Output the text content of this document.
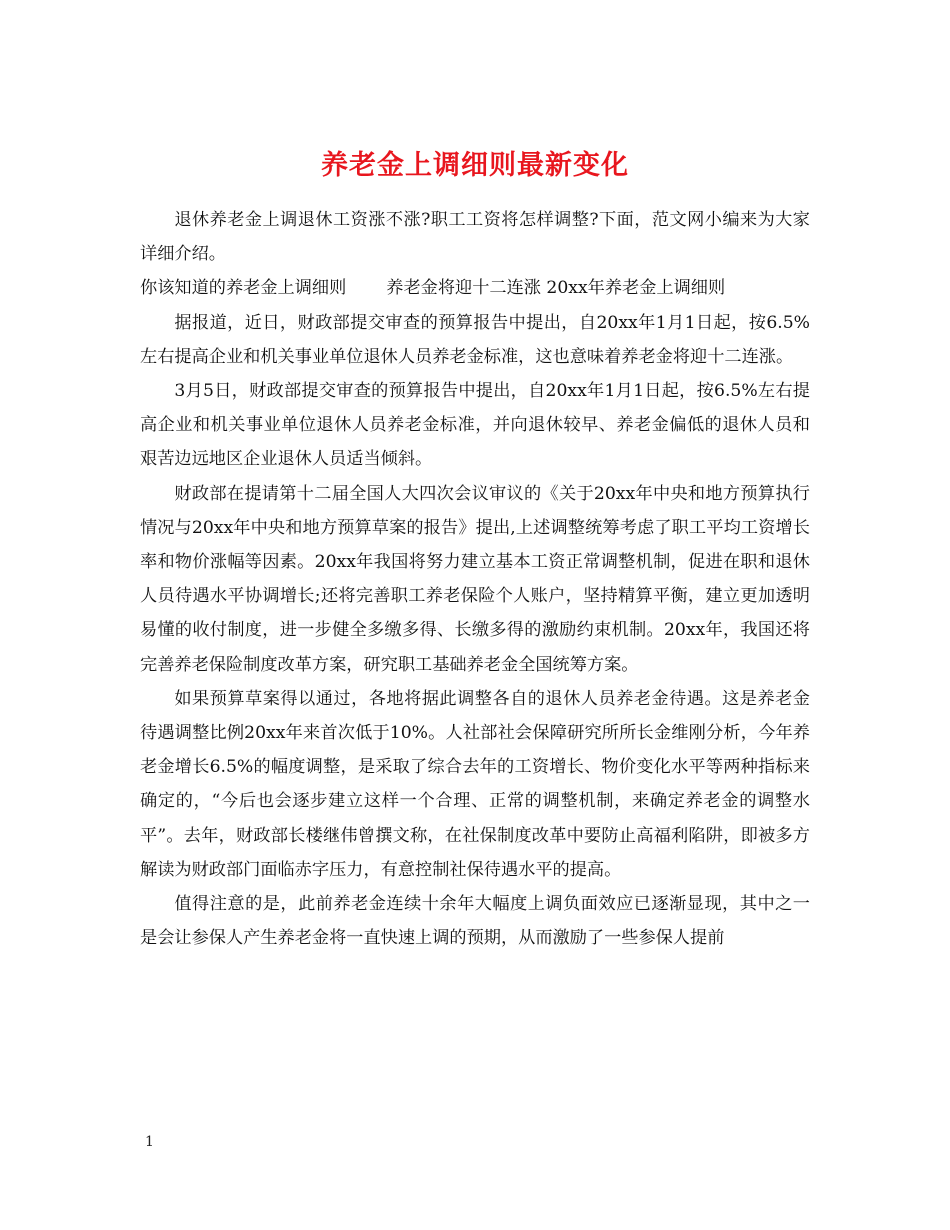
养老金上调细则最新变化

退休养老金上调退休工资涨不涨?职工工资将怎样调整?下面，范文网小编来为大家详细介绍。

你该知道的养老金上调细则 养老金将迎十二连涨 20xx年养老金上调细则

据报道，近日，财政部提交审查的预算报告中提出，自20xx年1月1日起，按6.5%左右提高企业和机关事业单位退休人员养老金标准，这也意味着养老金将迎十二连涨。

3月5日，财政部提交审查的预算报告中提出，自20xx年1月1日起，按6.5%左右提高企业和机关事业单位退休人员养老金标准，并向退休较早、养老金偏低的退休人员和艰苦边远地区企业退休人员适当倾斜。

财政部在提请第十二届全国人大四次会议审议的《关于20xx年中央和地方预算执行情况与20xx年中央和地方预算草案的报告》提出,上述调整统筹考虑了职工平均工资增长率和物价涨幅等因素。20xx年我国将努力建立基本工资正常调整机制，促进在职和退休人员待遇水平协调增长;还将完善职工养老保险个人账户，坚持精算平衡，建立更加透明易懂的收付制度，进一步健全多缴多得、长缴多得的激励约束机制。20xx年，我国还将完善养老保险制度改革方案，研究职工基础养老金全国统筹方案。

如果预算草案得以通过，各地将据此调整各自的退休人员养老金待遇。这是养老金待遇调整比例20xx年来首次低于10%。人社部社会保障研究所所长金维刚分析，今年养老金增长6.5%的幅度调整，是采取了综合去年的工资增长、物价变化水平等两种指标来确定的，“今后也会逐步建立这样一个合理、正常的调整机制，来确定养老金的调整水平”。去年，财政部长楼继伟曾撰文称，在社保制度改革中要防止高福利陷阱，即被多方解读为财政部门面临赤字压力，有意控制社保待遇水平的提高。

值得注意的是，此前养老金连续十余年大幅度上调负面效应已逐渐显现，其中之一是会让参保人产生养老金将一直快速上调的预期，从而激励了一些参保人提前

1
